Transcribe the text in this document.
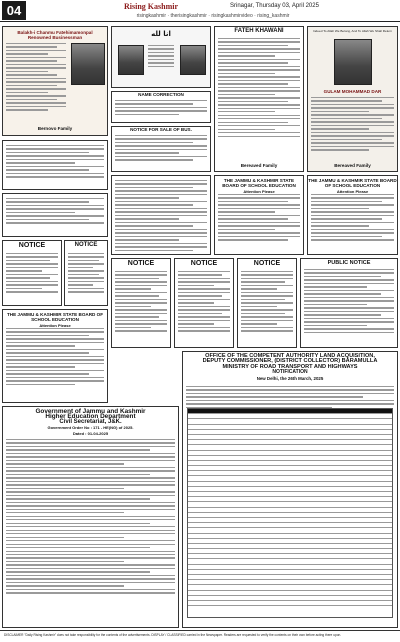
04	Rising Kashmir	Srinagar, Thursday 03, April 2025
risingkashmir · therisingkashmir · risingkashmirvideo · rising_kashmir
Balakh-i Chanmu Fatehimamonpal
Renowned Businessman
Bernovo Family
NOTICE	NOTICE
THE JAMMU & KASHMIR STATE BOARD OF SCHOOL EDUCATION
Attention Please
انا لله
NAME CORRECTION
NOTICE FOR SALE OF BUS.
FATEH KHAWANI
Bereaved Family
Indeed To Allah We Belong, And To Allah We Shall Return
GULAM MOHAMMAD DAR
Bereaved Family
THE JAMMU & KASHMIR STATE BOARD OF SCHOOL EDUCATION
Attention Please
THE JAMMU & KASHMIR STATE BOARD OF SCHOOL EDUCATION
Attention Please
NOTICE	NOTICE	NOTICE	PUBLIC NOTICE
OFFICE OF THE COMPETENT AUTHORITY LAND ACQUISITION,
DEPUTY COMMISSIONER, (DISTRICT COLLECTOR) BARAMULLA
MINISTRY OF ROAD TRANSPORT AND HIGHWAYS
NOTIFICATION
New Delhi, the 26th March, 2025
Government of Jammu and Kashmir
Higher Education Department
Civil Secretariat, J&K.
Government Order No : 171 - HE(NG) of 2025.
Dated : 01-04-2025
DISCLAIMER "Daily Rising Kashmir" does not take responsibility for the contents of the advertisements. DISPLAY / CLASSIFIED carried in the Newspaper. Readers are requested to verify the contents on their own before acting there upon.
